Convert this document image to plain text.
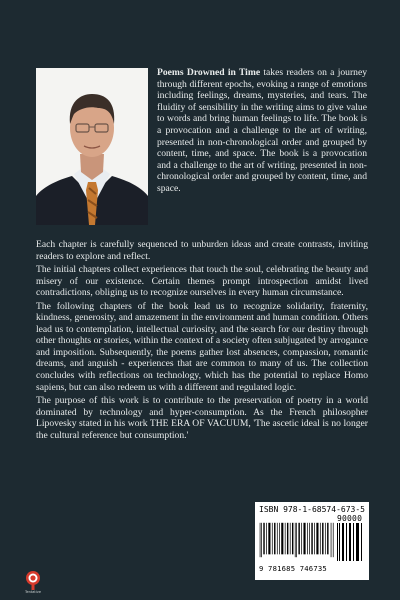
Poems Drowned in Time takes readers on a journey through different epochs, evoking a range of emotions including feelings, dreams, mysteries, and tears. The fluidity of sensibility in the writing aims to give value to words and bring human feelings to life. The book is a provocation and a challenge to the art of writing, presented in non-chronological order and grouped by content, time, and space. The book is a provocation and a challenge to the art of writing, presented in non-chronological order and grouped by content, time, and space.

Each chapter is carefully sequenced to unburden ideas and create contrasts, inviting readers to explore and reflect.

The initial chapters collect experiences that touch the soul, celebrating the beauty and misery of our existence. Certain themes prompt introspection amidst lived contradictions, obliging us to recognize ourselves in every human circumstance.

The following chapters of the book lead us to recognize solidarity, fraternity, kindness, generosity, and amazement in the environment and human condition. Others lead us to contemplation, intellectual curiosity, and the search for our destiny through other thoughts or stories, within the context of a society often subjugated by arrogance and imposition. Subsequently, the poems gather lost absences, compassion, romantic dreams, and anguish - experiences that are common to many of us. The collection concludes with reflections on technology, which has the potential to replace Homo sapiens, but can also redeem us with a different and regulated logic.

The purpose of this work is to contribute to the preservation of poetry in a world dominated by technology and hyper-consumption. As the French philosopher Lipovesky stated in his work THE ERA OF VACUUM, 'The ascetic ideal is no longer the cultural reference but consumption.'

ISBN 978-1-68574-673-5
90000
9 781685 746735
Tentative
